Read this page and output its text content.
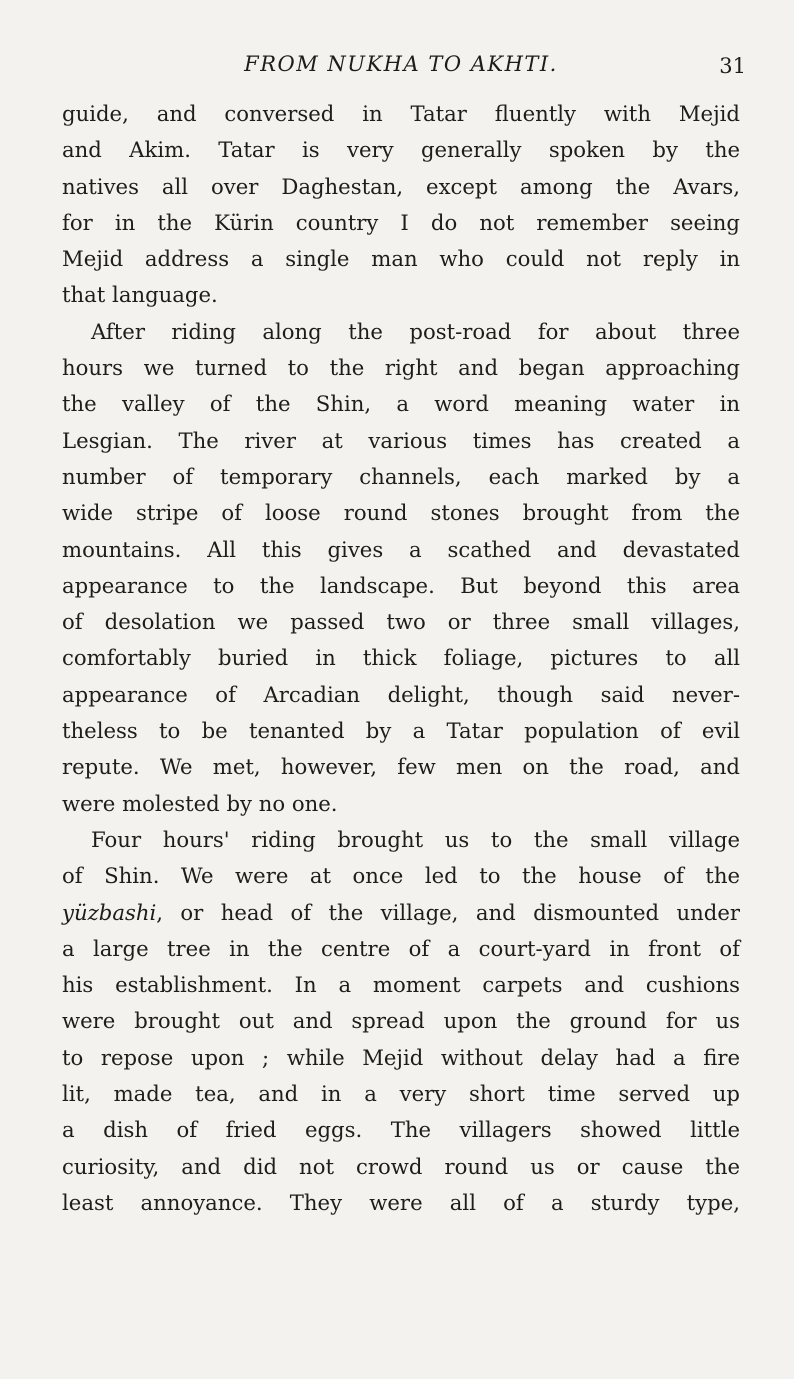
FROM NUKHA TO AKHTI.	31
guide, and conversed in Tatar fluently with Mejid
and Akim. Tatar is very generally spoken by the
natives all over Daghestan, except among the Avars,
for in the Kürin country I do not remember seeing
Mejid address a single man who could not reply in
that language.
After riding along the post-road for about three
hours we turned to the right and began approaching
the valley of the Shin, a word meaning water in
Lesgian. The river at various times has created a
number of temporary channels, each marked by a
wide stripe of loose round stones brought from the
mountains. All this gives a scathed and devastated
appearance to the landscape. But beyond this area
of desolation we passed two or three small villages,
comfortably buried in thick foliage, pictures to all
appearance of Arcadian delight, though said never-
theless to be tenanted by a Tatar population of evil
repute. We met, however, few men on the road, and
were molested by no one.
Four hours' riding brought us to the small village
of Shin. We were at once led to the house of the
yüzbashi, or head of the village, and dismounted under
a large tree in the centre of a court-yard in front of
his establishment. In a moment carpets and cushions
were brought out and spread upon the ground for us
to repose upon ; while Mejid without delay had a fire
lit, made tea, and in a very short time served up
a dish of fried eggs. The villagers showed little
curiosity, and did not crowd round us or cause the
least annoyance. They were all of a sturdy type,
